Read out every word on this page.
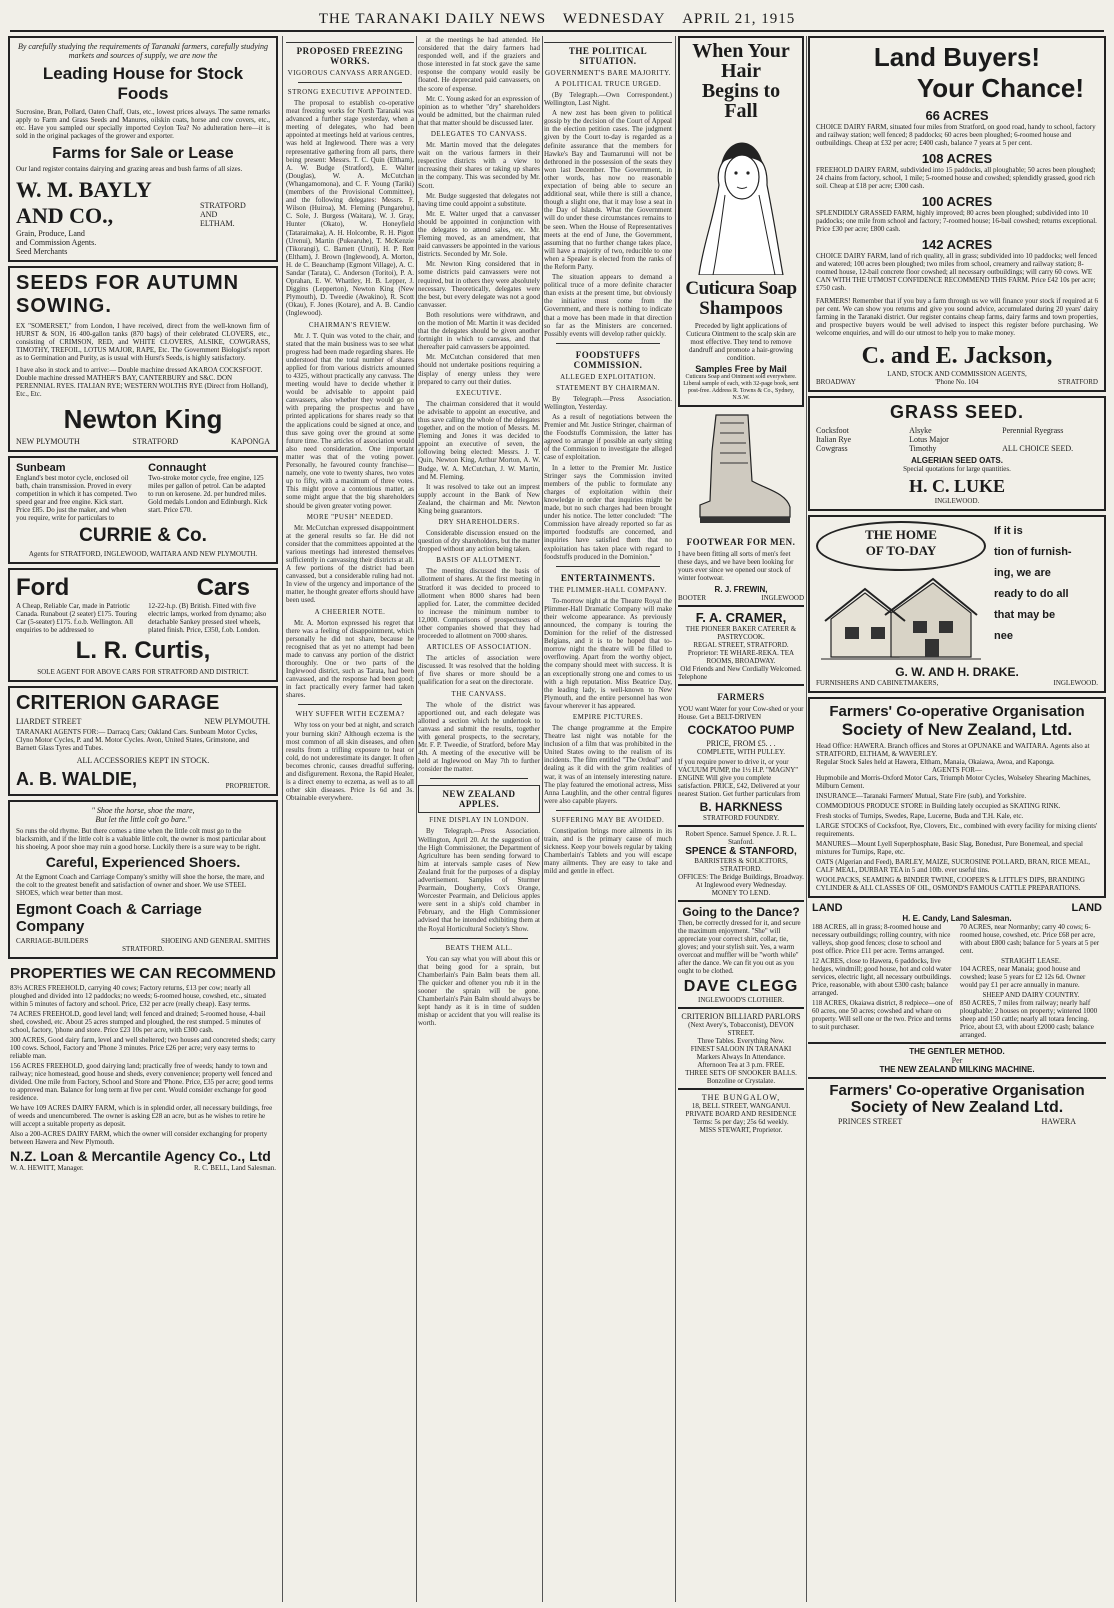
THE TARANAKI DAILY NEWS WEDNESDAY APRIL 21, 1915
By carefully studying the requirements of Taranaki farmers, carefully studying markets and sources of supply, we are now the
Leading House for Stock Foods
Sucrosine, Bran, Pollard, Oaten Chaff, Oats, etc., lowest prices always. The same remarks apply to Farm and Grass Seeds and Manures, oilskin coats, horse and cow covers, etc., etc. Have you sampled our specially imported Ceylon Tea? No adulteration here—it is sold in the original packages of the grower and exporter.
Farms for Sale or Lease
Our land register contains dairying and grazing areas and bush farms of all sizes.
W. M. BAYLY AND CO.,
Grain, Produce, Land
and Commission Agents.
Seed Merchants
STRATFORD
AND
ELTHAM.
SEEDS FOR AUTUMN SOWING.
EX "SOMERSET," from London, I have received, direct from the well-known firm of HURST & SON, 16 400-gallon tanks (870 bags) of their celebrated CLOVERS, etc., consisting of CRIMSON, RED, and WHITE CLOVERS, ALSIKE, COWGRASS, TIMOTHY, TREFOIL, LOTUS MAJOR, RAPE, Etc. The Government Biologist's report as to Germination and Purity, as is usual with Hurst's Seeds, is highly satisfactory.
I have also in stock and to arrive:— Double machine dressed AKAROA COCKSFOOT. Double machine dressed MATHER'S BAY, CANTERBURY and S&C. DON PERENNIAL RYES. ITALIAN RYE; WESTERN WOLTHS RYE (Direct from Holland), Etc., Etc.
Newton King
NEW PLYMOUTH	STRATFORD	KAPONGA
Sunbeam
England's best motor cycle, enclosed oil bath, chain transmission. Proved in every competition in which it has competed. Two speed gear and free engine. Kick start. Price £85. Do just the maker, and when you require, write for particulars to
Connaught
Two-stroke motor cycle, free engine, 125 miles per gallon of petrol. Can be adapted to run on kerosene. 2d. per hundred miles. Gold medals London and Edinburgh. Kick start. Price £70.
CURRIE & Co.
Agents for STRATFORD, INGLEWOOD, WAITARA AND NEW PLYMOUTH.
Ford	Cars
A Cheap, Reliable Car, made in Patriotic Canada. Runabout (2 seater) £175. Touring Car (5-seater) £175. f.o.b. Wellington. All enquiries to be addressed to
12-22-h.p. (B) British. Fitted with five electric lamps, worked from dynamo; also detachable Sankey pressed steel wheels, plated finish. Price, £350, f.ob. London.
L. R. Curtis,
SOLE AGENT FOR ABOVE CARS FOR STRATFORD AND DISTRICT.
CRITERION GARAGE
LIARDET STREET	NEW PLYMOUTH.
TARANAKI AGENTS FOR:— Darracq Cars; Oakland Cars. Sunbeam Motor Cycles, Clyno Motor Cycles, P. and M. Motor Cycles. Avon, United States, Grimstone, and Barnett Glass Tyres and Tubes.
ALL ACCESSORIES KEPT IN STOCK.
A. B. WALDIE,	PROPRIETOR.
" Shoe the horse, shoe the mare,
But let the little colt go bare."
So runs the old rhyme. But there comes a time when the little colt must go to the blacksmith, and if the little colt is a valuable little colt, the owner is most particular about his shoeing. A poor shoe may ruin a good horse. Luckily there is a sure way to be right.
Careful, Experienced Shoers.
At the Egmont Coach and Carriage Company's smithy will shoe the horse, the mare, and the colt to the greatest benefit and satisfaction of owner and shoer. We use STEEL SHOES, which wear better than most.
Egmont Coach & Carriage Company
CARRIAGE-BUILDERS	SHOEING AND GENERAL SMITHS
STRATFORD.
PROPERTIES WE CAN RECOMMEND
83½ ACRES FREEHOLD, carrying 40 cows; Factory returns, £13 per cow; nearly all ploughed and divided into 12 paddocks; no weeds; 6-roomed house, cowshed, etc., situated within 5 minutes of factory and school. Price, £32 per acre (really cheap). Easy terms.
74 ACRES FREEHOLD, good level land; well fenced and drained; 5-roomed house, 4-bail shed, cowshed, etc. About 25 acres stumped and ploughed, the rest stumped. 5 minutes of school, factory, 'phone and store. Price £23 10s per acre, with £300 cash.
300 ACRES, Good dairy farm, level and well sheltered; two houses and concreted sheds; carry 100 cows. School, Factory and 'Phone 3 minutes. Price £26 per acre; very easy terms to reliable man.
156 ACRES FREEHOLD, good dairying land; practically free of weeds; handy to town and railway; nice homestead, good house and sheds, every convenience; property well fenced and divided. One mile from Factory, School and Store and 'Phone. Price, £35 per acre; good terms to approved man. Balance for long term at five per cent. Would consider exchange for good residence.
We have 109 ACRES DAIRY FARM, which is in splendid order, all necessary buildings, free of weeds and unencumbered. The owner is asking £28 an acre, but as he wishes to retire he will accept a suitable property as deposit.
Also a 200-ACRES DAIRY FARM, which the owner will consider exchanging for property between Hawera and New Plymouth.
N.Z. Loan & Mercantile Agency Co., Ltd
W. A. HEWITT, Manager.	R. C. BELL, Land Salesman.
PROPOSED FREEZING WORKS.
VIGOROUS CANVASS ARRANGED.
STRONG EXECUTIVE APPOINTED.

The proposal to establish co-operative meat freezing works for North Taranaki was advanced a further stage yesterday, when a meeting of delegates, who had been appointed at meetings held at various centres, was held at Inglewood. There was a very representative gathering from all parts, there being present: Messrs. T. C. Quin (Eltham), A. W. Budge (Stratford), E. Walter (Douglas), W. A. McCutchan (Whangamomona), and C. F. Young (Tariki) (members of the Provisional Committee), and the following delegates: Messrs. F. Wilson (Huiroa), M. Fleming (Pungarehu), C. Sole, J. Burgess (Waitara), W. J. Gray, Hunter (Okato), W. Honeyfield (Tataraimaka), A. H. Holcombe, R. H. Pigott (Urenui), Martin (Pukearuhe), T. McKenzie (Tikorangi), C. Barnett (Uruti), H. P. Rett (Eltham), J. Brown (Inglewood), A. Morton, H. de C. Beauchamp (Egmont Village), A. C. Sandar (Tarata), C. Anderson (Toritoi), P. A. Oprahan, E. W. Whattley, H. B. Lepper, J. Diggins (Lepperton), Newton King (New Plymouth), D. Tweedie (Awakino), R. Scott (Okau), F. Jones (Kotare), and A. B. Candio (Inglewood).

CHAIRMAN'S REVIEW.

Mr. J. T. Quin was voted to the chair, and stated that the main business was to see what progress had been made regarding shares. He understood that the total number of shares applied for from various districts amounted to 4325, without practically any canvass. The meeting would have to decide whether it would be advisable to appoint paid canvassers, also whether they would go on with preparing the prospectus and have printed applications for shares ready so that the applications could be signed at once, and thus save going over the ground at some future time. The articles of association would also need consideration. One important matter was that of the voting power. Personally, he favoured county franchise—namely, one vote to twenty shares, two votes up to fifty, with a maximum of three votes. This might prove a contentious matter, as some might argue that the big shareholders should be given greater voting power.

MORE "PUSH" NEEDED.

Mr. McCutchan expressed disappointment at the general results so far. He did not consider that the committees appointed at the various meetings had interested themselves sufficiently in canvassing their districts at all. A few portions of the district had been canvassed, but a considerable ruling had not. In view of the urgency and importance of the matter, he thought greater efforts should have been used.

A CHEERIER NOTE.

Mr. A. Morton expressed his regret that there was a feeling of disappointment, which personally he did not share, because he recognised that as yet no attempt had been made to canvass any portion of the district thoroughly. One or two parts of the Inglewood district, such as Tarata, had been canvassed, and the response had been good; in fact practically every farmer had taken shares.

WHY SUFFER WITH ECZEMA?

Why toss on your bed at night, and scratch your burning skin? Although eczema is the most common of all skin diseases, and often results from a trifling exposure to heat or cold, do not underestimate its danger. It often becomes chronic, causes dreadful suffering, and disfigurement. Rexona, the Rapid Healer, is a direct enemy to eczema, as well as to all other skin diseases. Price 1s 6d and 3s. Obtainable everywhere.

at the meetings he had attended. He considered that the dairy farmers had responded well, and if the graziers and those interested in fat stock gave the same response the company would easily be floated. He deprecated paid canvassers, on the score of expense.

Mr. C. Young asked for an expression of opinion as to whether "dry" shareholders would be admitted, but the chairman ruled that that matter should be discussed later.

DELEGATES TO CANVASS.

Mr. Martin moved that the delegates wait on the various farmers in their respective districts with a view to increasing their shares or taking up shares in the company. This was seconded by Mr. Scott.

Mr. Budge suggested that delegates not having time could appoint a substitute.

Mr. E. Walter urged that a canvasser should be appointed in conjunction with the delegates to attend sales, etc. Mr. Fleming moved, as an amendment, that paid canvassers be appointed in the various districts. Seconded by Mr. Sole.

Mr. Newton King considered that in some districts paid canvassers were not required, but in others they were absolutely necessary. Theoretically, delegates were the best, but every delegate was not a good canvasser.

Both resolutions were withdrawn, and on the motion of Mr. Martin it was decided that the delegates should be given another fortnight in which to canvass, and that thereafter paid canvassers be appointed.

Mr. McCutchan considered that men should not undertake positions requiring a display of energy unless they were prepared to carry out their duties.

EXECUTIVE.

The chairman considered that it would be advisable to appoint an executive, and thus save calling the whole of the delegates together, and on the motion of Messrs. M. Fleming and Jones it was decided to appoint an executive of seven, the following being elected: Messrs. J. T. Quin, Newton King, Arthur Morton, A. W. Budge, W. A. McCutchan, J. W. Martin, and M. Fleming.

It was resolved to take out an imprest supply account in the Bank of New Zealand, the chairman and Mr. Newton King being guarantors.

DRY SHAREHOLDERS.

Considerable discussion ensued on the question of dry shareholders, but the matter dropped without any action being taken.

BASIS OF ALLOTMENT.

The meeting discussed the basis of allotment of shares. At the first meeting in Stratford it was decided to proceed to allotment when 8000 shares had been applied for. Later, the committee decided to increase the minimum number to 12,000. Comparisons of prospectuses of other companies showed that they had proceeded to allotment on 7000 shares.

ARTICLES OF ASSOCIATION.

The articles of association were discussed. It was resolved that the holding of five shares or more should be a qualification for a seat on the directorate.

THE CANVASS.

The whole of the district was apportioned out, and each delegate was allotted a section which he undertook to canvass and submit the results, together with general prospects, to the secretary, Mr. F. P. Tweedie, of Stratford, before May 4th. A meeting of the executive will be held at Inglewood on May 7th to further consider the matter.

NEW ZEALAND APPLES.
FINE DISPLAY IN LONDON.

By Telegraph.—Press Association. Wellington, April 20. At the suggestion of the High Commissioner, the Department of Agriculture has been sending forward to him at intervals sample cases of New Zealand fruit for the purposes of a display advertisement. Samples of Sturmer Pearmain, Dougherty, Cox's Orange, Worcester Pearmain, and Delicious apples were sent in a ship's cold chamber in February, and the High Commissioner advised that he intended exhibiting them at the Royal Horticultural Society's Show.

BEATS THEM ALL.

You can say what you will about this or that being good for a sprain, but Chamberlain's Pain Balm beats them all. The quicker and oftener you rub it in the sooner the sprain will be gone. Chamberlain's Pain Balm should always be kept handy as it is in time of sudden mishap or accident that you will realise its worth.

THE POLITICAL SITUATION.
GOVERNMENT'S BARE MAJORITY.
A POLITICAL TRUCE URGED.

(By Telegraph.—Own Correspondent.) Wellington, Last Night.

A new zest has been given to political gossip by the decision of the Court of Appeal in the election petition cases. The judgment given by the Court to-day is regarded as a definite assurance that the members for Hawke's Bay and Taumarunui will not be dethroned in the possession of the seats they won last December. The Government, in other words, has now no reasonable expectation of being able to secure an additional seat, while there is still a chance, though a slight one, that it may lose a seat in the Day of Islands. What the Government will do under these circumstances remains to be seen. When the House of Representatives meets at the end of June, the Government, assuming that no further change takes place, will have a majority of two, reducible to one when a Speaker is elected from the ranks of the Reform Party.

The situation appears to demand a political truce of a more definite character than exists at the present time, but obviously the initiative must come from the Government, and there is nothing to indicate that a move has been made in that direction so far as the Ministers are concerned. Possibly events will develop rather quickly.

FOODSTUFFS COMMISSION.
ALLEGED EXPLOITATION.
STATEMENT BY CHAIRMAN.

By Telegraph.—Press Association. Wellington, Yesterday.

As a result of negotiations between the Premier and Mr. Justice Stringer, chairman of the Foodstuffs Commission, the latter has agreed to arrange if possible an early sitting of the Commission to investigate the alleged case of exploitation.

In a letter to the Premier Mr. Justice Stringer says the Commission invited members of the public to formulate any charges of exploitation within their knowledge in order that inquiries might be made, but no such charges had been brought under his notice. The letter concluded: "The Commission have already reported so far as imported foodstuffs are concerned, and inquiries have satisfied them that no exploitation has taken place with regard to foodstuffs produced in the Dominion."

ENTERTAINMENTS.
THE PLIMMER-HALL COMPANY.

To-morrow night at the Theatre Royal the Plimmer-Hall Dramatic Company will make their welcome appearance. As previously announced, the company is touring the Dominion for the relief of the distressed Belgians, and it is to be hoped that to-morrow night the theatre will be filled to overflowing. Apart from the worthy object, the company should meet with success. It is an exceptionally strong one and comes to us with a high reputation. Miss Beatrice Day, the leading lady, is well-known to New Plymouth, and the entire personnel has won favour wherever it has appeared.

EMPIRE PICTURES.

The change programme at the Empire Theatre last night was notable for the inclusion of a film that was prohibited in the United States owing to the realism of its incidents. The film entitled "The Ordeal" and dealing as it did with the grim realities of war, it was of an intensely interesting nature. The play featured the emotional actress, Miss Anna Laughlin, and the other central figures were also capable players.

SUFFERING MAY BE AVOIDED.

Constipation brings more ailments in its train, and is the primary cause of much sickness. Keep your bowels regular by taking Chamberlain's Tablets and you will escape many ailments. They are easy to take and mild and gentle in effect.

When Your Hair
Begins to Fall
Cuticura Soap
Shampoos
Preceded by light applications of Cuticura Ointment to the scalp skin are most effective. They tend to remove dandruff and promote a hair-growing condition.
Samples Free by Mail
Cuticura Soap and Ointment sold everywhere. Liberal sample of each, with 32-page book, sent post-free. Address R. Towns & Co., Sydney, N.S.W.
FOOTWEAR FOR MEN.
I have been fitting all sorts of men's feet these days, and we have been looking for yours ever since we opened our stock of winter footwear.
R. J. FREWIN,
BOOTER	INGLEWOOD
F. A. CRAMER,
THE PIONEER BAKER CATERER & PASTRYCOOK.
REGAL STREET, STRATFORD.
Proprietor: TE WHARE-REKA. TEA ROOMS, BROADWAY.
Old Friends and New Cordially Welcomed.
Telephone
FARMERS
YOU want Water for your Cow-shed or your House. Get a BELT-DRIVEN
COCKATOO PUMP
PRICE, FROM £5. . .
COMPLETE, WITH PULLEY.
If you require power to drive it, or your VACUUM PUMP, the 1½ H.P. "MAGNY" ENGINE Will give you complete satisfaction. PRICE, £42, Delivered at your nearest Station. Get further particulars from
B. HARKNESS
STRATFORD FOUNDRY.
Robert Spence. Samuel Spence. J. R. L. Stanford.
SPENCE & STANFORD,
BARRISTERS & SOLICITORS, STRATFORD.
OFFICES: The Bridge Buildings, Broadway. At Inglewood every Wednesday.
MONEY TO LEND.
Going to the Dance?
Then, be correctly dressed for it, and secure the maximum enjoyment. "She" will appreciate your correct shirt, collar, tie, gloves; and your stylish suit. Yes, a warm overcoat and muffler will be "worth while" after the dance. We can fit you out as you ought to be clothed.
DAVE CLEGG
INGLEWOOD'S CLOTHIER.
CRITERION BILLIARD PARLORS
(Next Avery's, Tobacconist), DEVON STREET.
Three Tables. Everything New.
FINEST SALOON IN TARANAKI
Markers Always In Attendance.
Afternoon Tea at 3 p.m. FREE.
THREE SETS OF SNOOKER BALLS. Bonzoline or Crystalate.
THE BUNGALOW,
18, BELL STREET, WANGANUI.
PRIVATE BOARD AND RESIDENCE
Terms: 5s per day; 25s 6d weekly.
MISS STEWART, Proprietor.
Land Buyers!
Your Chance!
66 ACRES
CHOICE DAIRY FARM, situated four miles from Stratford, on good road, handy to school, factory and railway station; well fenced; 8 paddocks; 60 acres been ploughed; 6-roomed house and outbuildings. Cheap at £32 per acre; £400 cash, balance 7 years at 5 per cent.
108 ACRES
FREEHOLD DAIRY FARM, subdivided into 15 paddocks, all ploughable; 50 acres been ploughed; 24 chains from factory, school, 1 mile; 5-roomed house and cowshed; splendidly grassed, good rich soil. Cheap at £18 per acre; £300 cash.
100 ACRES
SPLENDIDLY GRASSED FARM, highly improved; 80 acres been ploughed; subdivided into 10 paddocks; one mile from school and factory; 7-roomed house; 16-bail cowshed; returns exceptional. Price £30 per acre; £800 cash.
142 ACRES
CHOICE DAIRY FARM, land of rich quality, all in grass; subdivided into 10 paddocks; well fenced and watered; 100 acres been ploughed; two miles from school, creamery and railway station; 8-roomed house, 12-bail concrete floor cowshed; all necessary outbuildings; will carry 60 cows. WE CAN WITH THE UTMOST CONFIDENCE RECOMMEND THIS FARM. Price £42 10s per acre; £750 cash.
FARMERS! Remember that if you buy a farm through us we will finance your stock if required at 6 per cent. We can show you returns and give you sound advice, accumulated during 20 years' dairy farming in the Taranaki district. Our register contains cheap farms, dairy farms and town properties, and prospective buyers would be well advised to inspect this register before purchasing. We welcome enquiries, and will do our utmost to help you to make money.
C. and E. Jackson,
LAND, STOCK AND COMMISSION AGENTS,
BROADWAY	'Phone No. 104	STRATFORD
GRASS SEED.
Cocksfoot	Alsyke	Perennial Ryegrass
Italian Rye	Lotus Major
Cowgrass	Timothy	ALL CHOICE SEED.
ALGERIAN SEED OATS.
Special quotations for large quantities.
H. C. LUKE
INGLEWOOD.
THE HOME
OF TO-DAY
If it is
tion of furnish-
ing, we are
ready to do all
that may be
nee
G. W. AND H. DRAKE.
FURNISHERS AND CABINETMAKERS,	INGLEWOOD.
Farmers' Co-operative Organisation
Society of New Zealand, Ltd.
Head Office: HAWERA. Branch offices and Stores at OPUNAKE and WAITARA. Agents also at STRATFORD, ELTHAM, & WAVERLEY.
Regular Stock Sales held at Hawera, Eltham, Manaia, Okaiawa, Awoa, and Kaponga.
AGENTS FOR—
Hupmobile and Morris-Oxford Motor Cars, Triumph Motor Cycles, Wolseley Shearing Machines, Milburn Cement.
INSURANCE—Taranaki Farmers' Mutual, State Fire (sub), and Yorkshire.
COMMODIOUS PRODUCE STORE in Building lately occupied as SKATING RINK.
Fresh stocks of Turnips, Swedes, Rape, Lucerne, Buda and T.H. Kale, etc.
LARGE STOCKS of Cocksfoot, Rye, Clovers, Etc., combined with every facility for mixing clients' requirements.
MANURES—Mount Lyell Superphosphate, Basic Slag, Bonedust, Pure Bonemeal, and special mixtures for Turnips, Rape, etc.
OATS (Algerian and Feed), BARLEY, MAIZE, SUCROSINE POLLARD, BRAN, RICE MEAL, CALF MEAL, DURBAR TEA in 5 and 10lb. ever useful tins.
WOOLPACKS, SEAMING & BINDER TWINE, COOPER'S & LITTLE'S DIPS, BRANDING CYLINDER & ALL CLASSES OF OIL, OSMOND'S FAMOUS CATTLE PREPARATIONS.
LAND	LAND
H. E. Candy, Land Salesman.
188 ACRES, all in grass; 8-roomed house and necessary outbuildings; rolling country, with nice valleys, shop good fences; close to school and post office. Price £11 per acre. Terms arranged.
12 ACRES, close to Hawera, 6 paddocks, live hedges, windmill; good house, hot and cold water services, electric light, all necessary outbuildings. Price, reasonable, with about £300 cash; balance arranged.
118 ACRES, Okaiawa district, 8 redpiece—one of 60 acres, one 50 acres; cowshed and whare on property. Will sell one or the two. Price and terms to suit purchaser.
70 ACRES, near Normanby; carry 40 cows; 6-roomed house, cowshed, etc. Price £68 per acre, with about £800 cash; balance for 5 years at 5 per cent.
STRAIGHT LEASE.
104 ACRES, near Manaia; good house and cowshed; lease 5 years for £2 12s 6d. Owner would pay £1 per acre annually in manure.
SHEEP AND DAIRY COUNTRY.
850 ACRES, 7 miles from railway; nearly half ploughable; 2 houses on property; wintered 1000 sheep and 150 cattle; nearly all totara fencing. Price, about £3, with about £2000 cash; balance arranged.
THE GENTLER METHOD.
Per
THE NEW ZEALAND MILKING MACHINE.
Farmers' Co-operative Organisation
Society of New Zealand Ltd.
PRINCES STREET	HAWERA
